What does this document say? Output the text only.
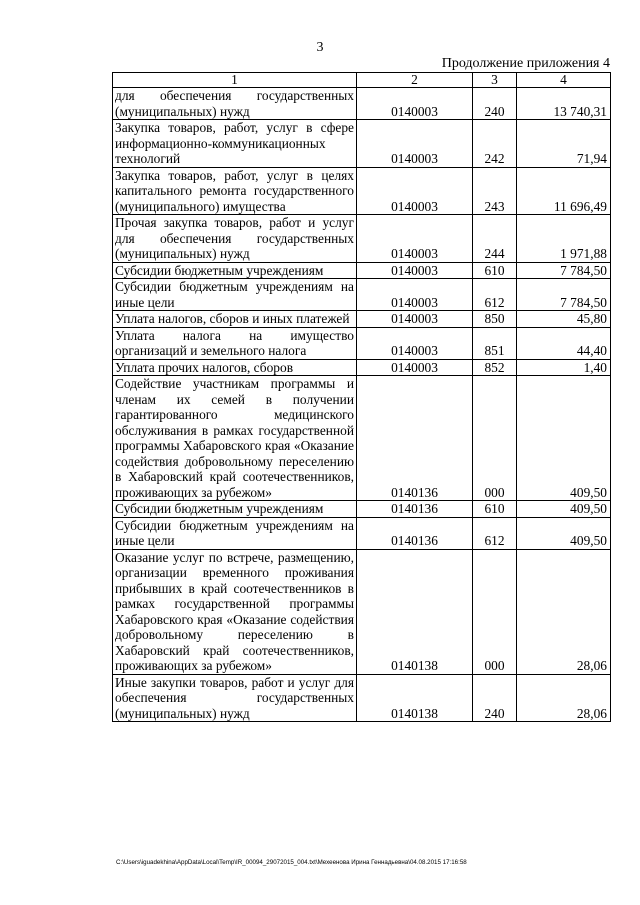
3
Продолжение приложения 4
1	2	3	4
для обеспечения государственных (муниципальных) нужд	0140003	240	13 740,31
Закупка товаров, работ, услуг в сфере информационно-коммуникационных технологий	0140003	242	71,94
Закупка товаров, работ, услуг в целях капитального ремонта государственного (муниципального) имущества	0140003	243	11 696,49
Прочая закупка товаров, работ и услуг для обеспечения государственных (муниципальных) нужд	0140003	244	1 971,88
Субсидии бюджетным учреждениям	0140003	610	7 784,50
Субсидии бюджетным учреждениям на иные цели	0140003	612	7 784,50
Уплата налогов, сборов и иных платежей	0140003	850	45,80
Уплата налога на имущество организаций и земельного налога	0140003	851	44,40
Уплата прочих налогов, сборов	0140003	852	1,40
Содействие участникам программы и членам их семей в получении гарантированного медицинского обслуживания в рамках государственной программы Хабаровского края «Оказание содействия добровольному переселению в Хабаровский край соотечественников, проживающих за рубежом»	0140136	000	409,50
Субсидии бюджетным учреждениям	0140136	610	409,50
Субсидии бюджетным учреждениям на иные цели	0140136	612	409,50
Оказание услуг по встрече, размещению, организации временного проживания прибывших в край соотечественников в рамках государственной программы Хабаровского края «Оказание содействия добровольному переселению в Хабаровский край соотечественников, проживающих за рубежом»	0140138	000	28,06
Иные закупки товаров, работ и услуг для обеспечения государственных (муниципальных) нужд	0140138	240	28,06
C:\Users\iguadekhina\AppData\Local\Temp\IR_00094_29072015_004.txt\Мехеенова Ирина Геннадьевна\04.08.2015 17:16:58
